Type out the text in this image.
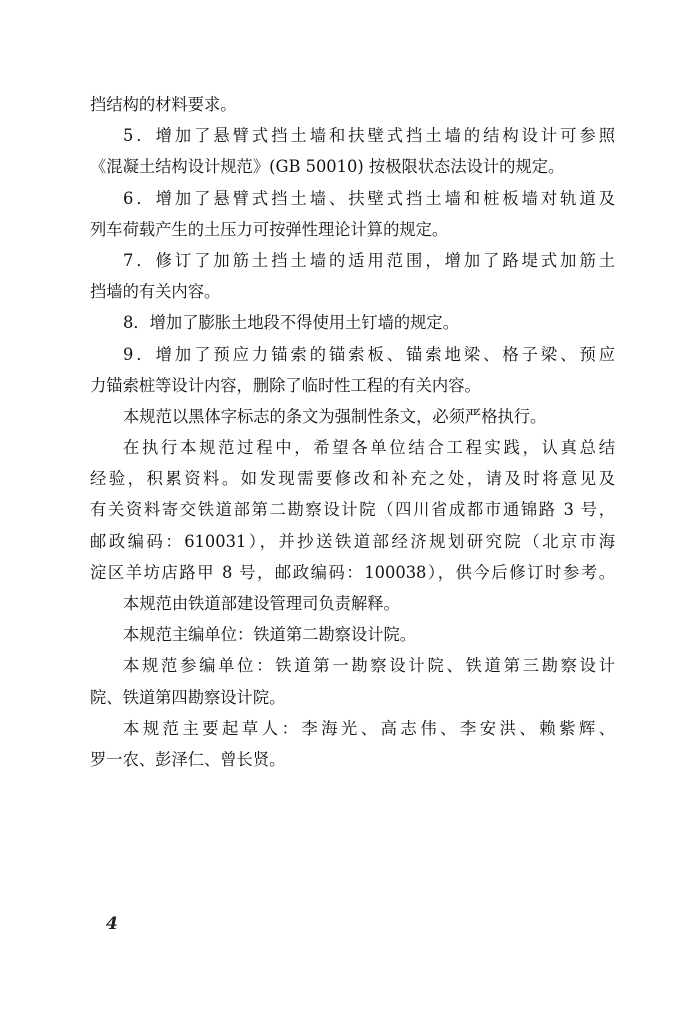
挡结构的材料要求。
5．增加了悬臂式挡土墙和扶壁式挡土墙的结构设计可参照
《混凝土结构设计规范》(GB 50010) 按极限状态法设计的规定。
6．增加了悬臂式挡土墙、扶壁式挡土墙和桩板墙对轨道及
列车荷载产生的土压力可按弹性理论计算的规定。
7．修订了加筋土挡土墙的适用范围，增加了路堤式加筋土
挡墙的有关内容。
8．增加了膨胀土地段不得使用土钉墙的规定。
9．增加了预应力锚索的锚索板、锚索地梁、格子梁、预应
力锚索桩等设计内容，删除了临时性工程的有关内容。
本规范以黑体字标志的条文为强制性条文，必须严格执行。
在执行本规范过程中，希望各单位结合工程实践，认真总结
经验，积累资料。如发现需要修改和补充之处，请及时将意见及
有关资料寄交铁道部第二勘察设计院（四川省成都市通锦路 3 号，
邮政编码：610031），并抄送铁道部经济规划研究院（北京市海
淀区羊坊店路甲 8 号，邮政编码：100038），供今后修订时参考。
本规范由铁道部建设管理司负责解释。
本规范主编单位：铁道第二勘察设计院。
本规范参编单位：铁道第一勘察设计院、铁道第三勘察设计
院、铁道第四勘察设计院。
本规范主要起草人：李海光、高志伟、李安洪、赖紫辉、
罗一农、彭泽仁、曾长贤。
4
